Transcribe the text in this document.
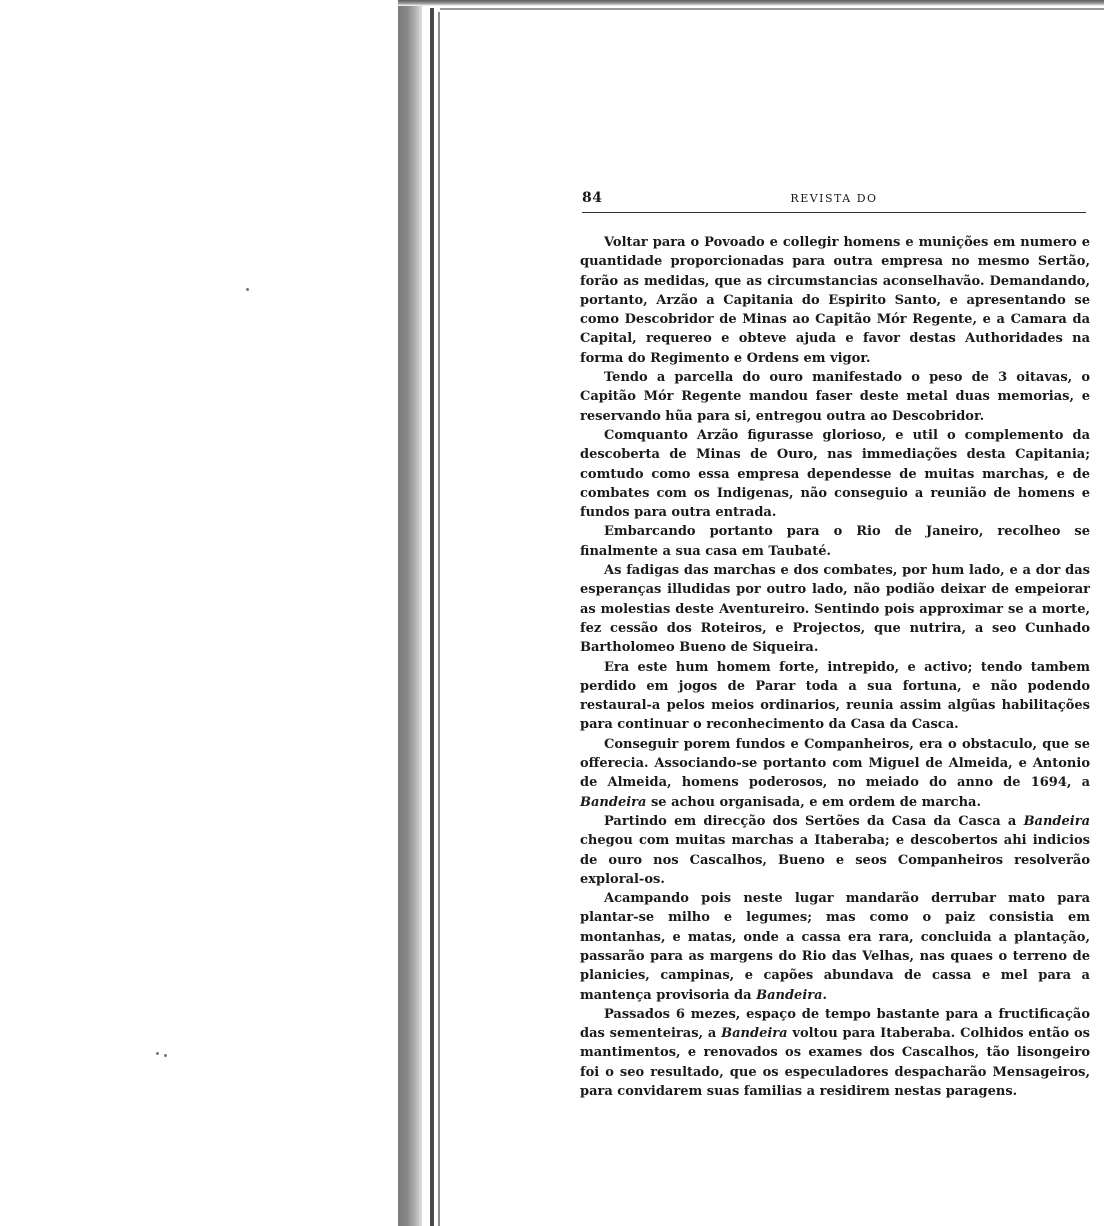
84	REVISTA DO

Voltar para o Povoado e collegir homens e munições em numero e quantidade proporcionadas para outra empresa no mesmo Sertão, forão as medidas, que as circumstancias aconselhavão. Demandando, portanto, Arzão a Capitania do Espirito Santo, e apresentando se como Descobridor de Minas ao Capitão Mór Regente, e a Camara da Capital, requereo e obteve ajuda e favor destas Authoridades na forma do Regimento e Ordens em vigor.

Tendo a parcella do ouro manifestado o peso de 3 oitavas, o Capitão Mór Regente mandou faser deste metal duas memorias, e reservando hũa para si, entregou outra ao Descobridor.

Comquanto Arzão figurasse glorioso, e util o complemento da descoberta de Minas de Ouro, nas immediações desta Capitania; comtudo como essa empresa dependesse de muitas marchas, e de combates com os Indigenas, não conseguio a reunião de homens e fundos para outra entrada.

Embarcando portanto para o Rio de Janeiro, recolheo se finalmente a sua casa em Taubaté.

As fadigas das marchas e dos combates, por hum lado, e a dor das esperanças illudidas por outro lado, não podião deixar de empeiorar as molestias deste Aventureiro. Sentindo pois approximar se a morte, fez cessão dos Roteiros, e Projectos, que nutrira, a seo Cunhado Bartholomeo Bueno de Siqueira.

Era este hum homem forte, intrepido, e activo; tendo tambem perdido em jogos de Parar toda a sua fortuna, e não podendo restaural-a pelos meios ordinarios, reunia assim algũas habilitações para continuar o reconhecimento da Casa da Casca.

Conseguir porem fundos e Companheiros, era o obstaculo, que se offerecia. Associando-se portanto com Miguel de Almeida, e Antonio de Almeida, homens poderosos, no meiado do anno de 1694, a Bandeira se achou organisada, e em ordem de marcha.

Partindo em direcção dos Sertões da Casa da Casca a Bandeira chegou com muitas marchas a Itaberaba; e descobertos ahi indicios de ouro nos Cascalhos, Bueno e seos Companheiros resolverão exploral-os.

Acampando pois neste lugar mandarão derrubar mato para plantar-se milho e legumes; mas como o paiz consistia em montanhas, e matas, onde a cassa era rara, concluida a plantação, passarão para as margens do Rio das Velhas, nas quaes o terreno de planicies, campinas, e capões abundava de cassa e mel para a mantença provisoria da Bandeira.

Passados 6 mezes, espaço de tempo bastante para a fructificação das sementeiras, a Bandeira voltou para Itaberaba. Colhidos então os mantimentos, e renovados os exames dos Cascalhos, tão lisongeiro foi o seo resultado, que os especuladores despacharão Mensageiros, para convidarem suas familias a residirem nestas paragens.
